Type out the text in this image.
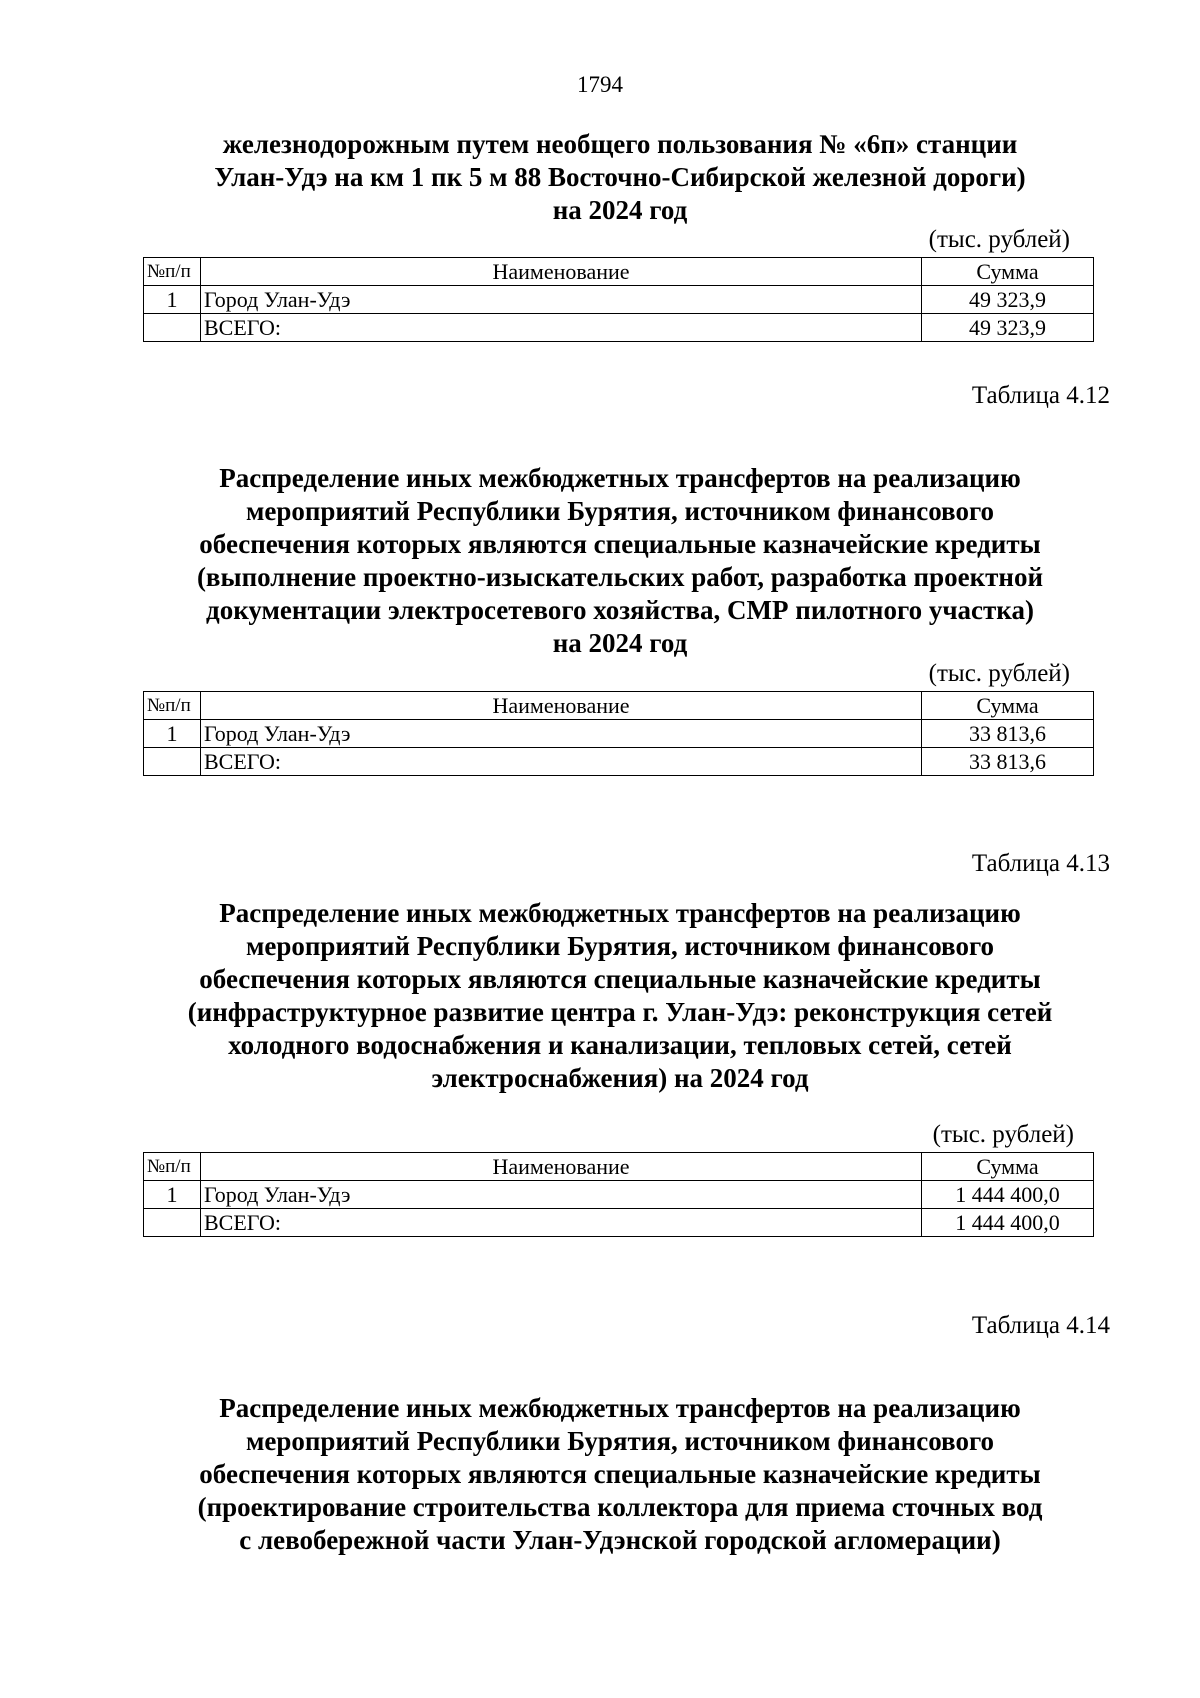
1794
железнодорожным путем необщего пользования № «6п» станции
Улан-Удэ на км 1 пк 5 м 88 Восточно-Сибирской железной дороги)
на 2024 год
(тыс. рублей)
№п/п	Наименование	Сумма
1	Город Улан-Удэ	49 323,9
	ВСЕГО:	49 323,9
Таблица 4.12
Распределение иных межбюджетных трансфертов на реализацию
мероприятий Республики Бурятия, источником финансового
обеспечения которых являются специальные казначейские кредиты
(выполнение проектно-изыскательских работ, разработка проектной
документации электросетевого хозяйства, СМР пилотного участка)
на 2024 год
(тыс. рублей)
№п/п	Наименование	Сумма
1	Город Улан-Удэ	33 813,6
	ВСЕГО:	33 813,6
Таблица 4.13
Распределение иных межбюджетных трансфертов на реализацию
мероприятий Республики Бурятия, источником финансового
обеспечения которых являются специальные казначейские кредиты
(инфраструктурное развитие центра г. Улан-Удэ: реконструкция сетей
холодного водоснабжения и канализации, тепловых сетей, сетей
электроснабжения) на 2024 год
(тыс. рублей)
№п/п	Наименование	Сумма
1	Город Улан-Удэ	1 444 400,0
	ВСЕГО:	1 444 400,0
Таблица 4.14
Распределение иных межбюджетных трансфертов на реализацию
мероприятий Республики Бурятия, источником финансового
обеспечения которых являются специальные казначейские кредиты
(проектирование строительства коллектора для приема сточных вод
с левобережной части Улан-Удэнской городской агломерации)
